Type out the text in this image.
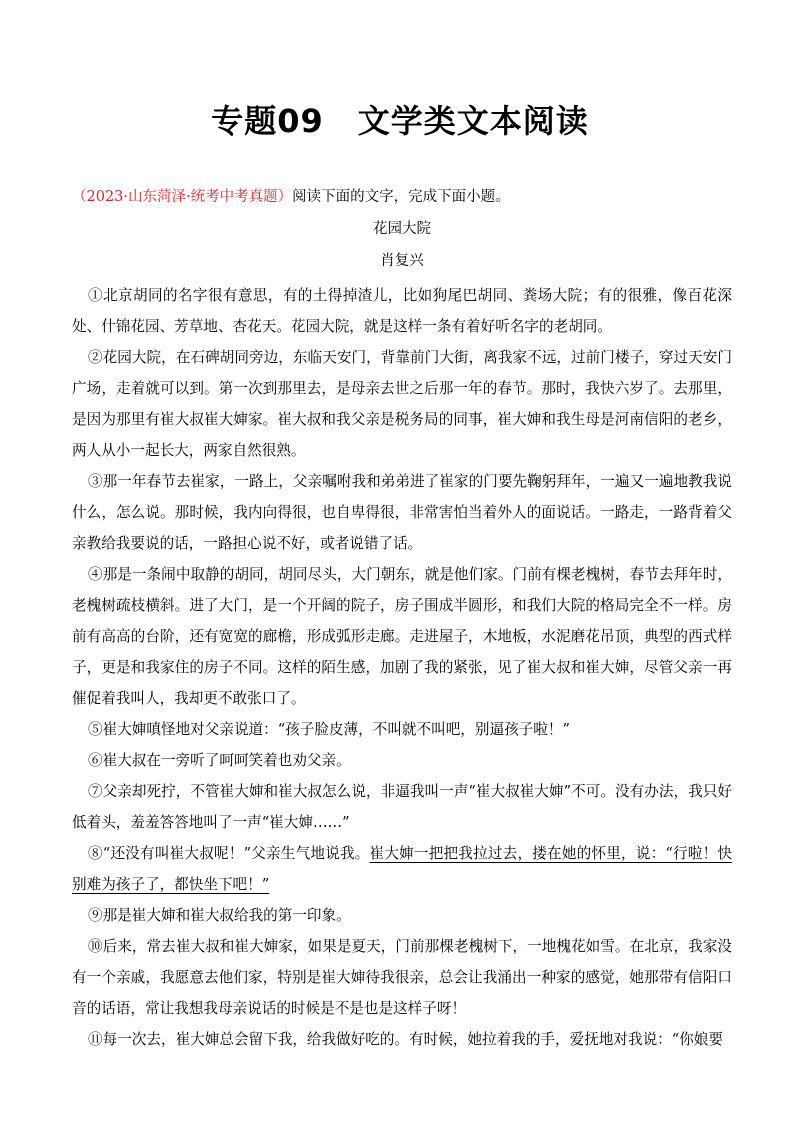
专题09 文学类文本阅读

（2023·山东菏泽·统考中考真题）阅读下面的文字，完成下面小题。

花园大院

肖复兴

①北京胡同的名字很有意思，有的土得掉渣儿，比如狗尾巴胡同、粪场大院；有的很雅，像百花深处、什锦花园、芳草地、杏花天。花园大院，就是这样一条有着好听名字的老胡同。

②花园大院，在石碑胡同旁边，东临天安门，背靠前门大街，离我家不远，过前门楼子，穿过天安门广场，走着就可以到。第一次到那里去，是母亲去世之后那一年的春节。那时，我快六岁了。去那里，是因为那里有崔大叔崔大婶家。崔大叔和我父亲是税务局的同事，崔大婶和我生母是河南信阳的老乡，两人从小一起长大，两家自然很熟。

③那一年春节去崔家，一路上，父亲嘱咐我和弟弟进了崔家的门要先鞠躬拜年，一遍又一遍地教我说什么，怎么说。那时候，我内向得很，也自卑得很，非常害怕当着外人的面说话。一路走，一路背着父亲教给我要说的话，一路担心说不好，或者说错了话。

④那是一条闹中取静的胡同，胡同尽头，大门朝东，就是他们家。门前有棵老槐树，春节去拜年时，老槐树疏枝横斜。进了大门，是一个开阔的院子，房子围成半圆形，和我们大院的格局完全不一样。房前有高高的台阶，还有宽宽的廊檐，形成弧形走廊。走进屋子，木地板，水泥磨花吊顶，典型的西式样子，更是和我家住的房子不同。这样的陌生感，加剧了我的紧张，见了崔大叔和崔大婶，尽管父亲一再催促着我叫人，我却更不敢张口了。

⑤崔大婶嗔怪地对父亲说道：“孩子脸皮薄，不叫就不叫吧，别逼孩子啦！”

⑥崔大叔在一旁听了呵呵笑着也劝父亲。

⑦父亲却死拧，不管崔大婶和崔大叔怎么说，非逼我叫一声“崔大叔崔大婶”不可。没有办法，我只好低着头，羞羞答答地叫了一声“崔大婶……”

⑧“还没有叫崔大叔呢！”父亲生气地说我。崔大婶一把把我拉过去，搂在她的怀里，说：“行啦！快别难为孩子了，都快坐下吧！”

⑨那是崔大婶和崔大叔给我的第一印象。

⑩后来，常去崔大叔和崔大婶家，如果是夏天，门前那棵老槐树下，一地槐花如雪。在北京，我家没有一个亲戚，我愿意去他们家，特别是崔大婶待我很亲，总会让我涌出一种家的感觉，她那带有信阳口音的话语，常让我想我母亲说话的时候是不是也是这样子呀！

⑪每一次去，崔大婶总会留下我，给我做好吃的。有时候，她拉着我的手，爱抚地对我说：“你娘要
